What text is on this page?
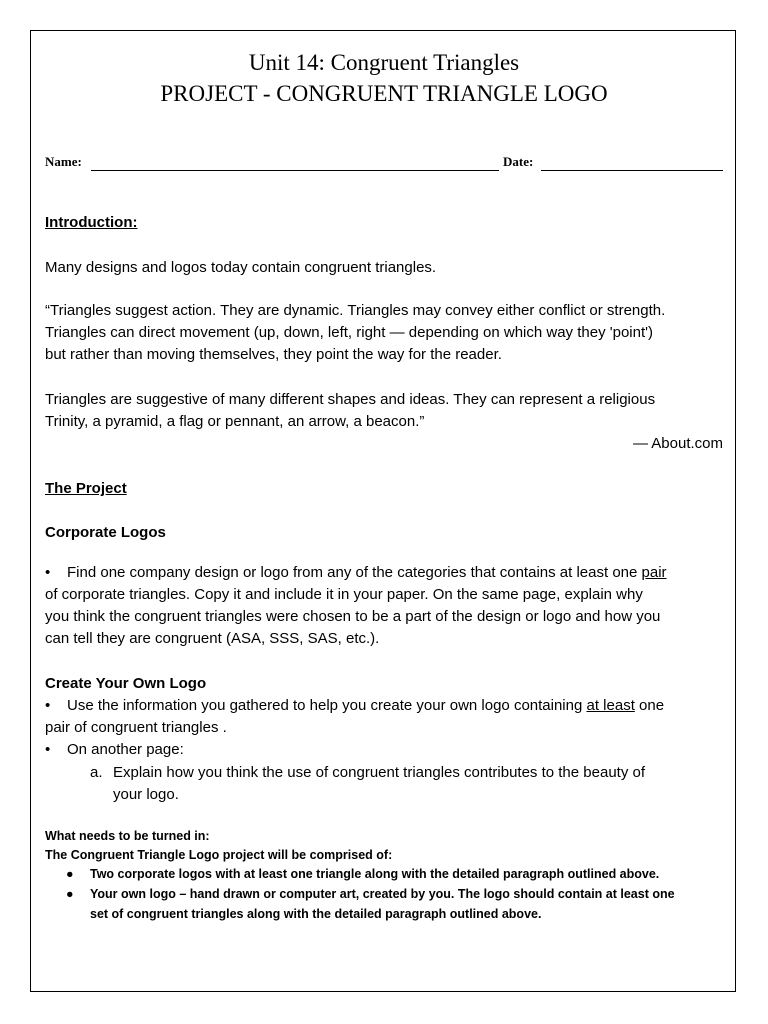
Unit 14: Congruent Triangles
PROJECT - CONGRUENT TRIANGLE LOGO
Name:	Date:
Introduction:
Many designs and logos today contain congruent triangles.
“Triangles suggest action. They are dynamic. Triangles may convey either conflict or strength.
Triangles can direct movement (up, down, left, right — depending on which way they 'point')
but rather than moving themselves, they point the way for the reader.
Triangles are suggestive of many different shapes and ideas. They can represent a religious
Trinity, a pyramid, a flag or pennant, an arrow, a beacon.”
— About.com
The Project
Corporate Logos
• Find one company design or logo from any of the categories that contains at least one pair
of corporate triangles. Copy it and include it in your paper. On the same page, explain why
you think the congruent triangles were chosen to be a part of the design or logo and how you
can tell they are congruent (ASA, SSS, SAS, etc.).
Create Your Own Logo
• Use the information you gathered to help you create your own logo containing at least one
pair of congruent triangles .
• On another page:
a. Explain how you think the use of congruent triangles contributes to the beauty of
your logo.
What needs to be turned in:
The Congruent Triangle Logo project will be comprised of:
● Two corporate logos with at least one triangle along with the detailed paragraph outlined above.
● Your own logo – hand drawn or computer art, created by you. The logo should contain at least one
set of congruent triangles along with the detailed paragraph outlined above.
